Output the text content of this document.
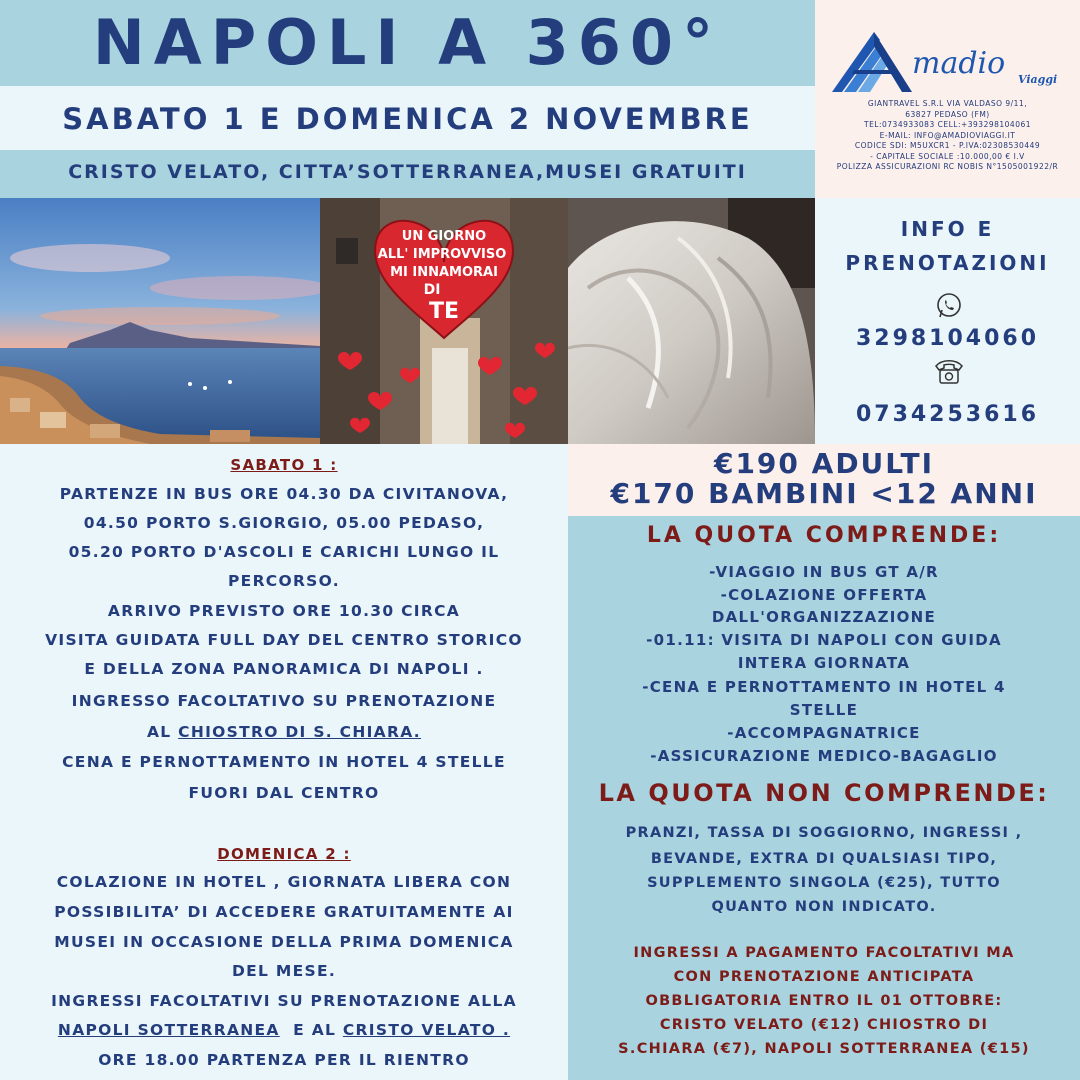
NAPOLI A 360°
SABATO 1 E DOMENICA 2 NOVEMBRE
CRISTO VELATO, CITTA’SOTTERRANEA,MUSEI GRATUITI
madio Viaggi
GIANTRAVEL S.R.L VIA VALDASO 9/11,
63827 PEDASO (FM)
TEL:0734933083 CELL:+393298104061
E-MAIL: INFO@AMADIOVIAGGI.IT
CODICE SDI: M5UXCR1 - P.IVA:02308530449
- CAPITALE SOCIALE :10.000,00 € I.V
POLIZZA ASSICURAZIONI RC NOBIS N°1505001922/R
UN GIORNO
ALL' IMPROVVISO
MI INNAMORAI
DI
TE
INFO E
PRENOTAZIONI
3298104060
0734253616
SABATO 1 :
PARTENZE IN BUS ORE 04.30 DA CIVITANOVA,
04.50 PORTO S.GIORGIO, 05.00 PEDASO,
05.20 PORTO D'ASCOLI E CARICHI LUNGO IL
PERCORSO.
ARRIVO PREVISTO ORE 10.30 CIRCA
VISITA GUIDATA FULL DAY DEL CENTRO STORICO
E DELLA ZONA PANORAMICA DI NAPOLI .
INGRESSO FACOLTATIVO SU PRENOTAZIONE
AL CHIOSTRO DI S. CHIARA.
CENA E PERNOTTAMENTO IN HOTEL 4 STELLE
FUORI DAL CENTRO
DOMENICA 2 :
COLAZIONE IN HOTEL , GIORNATA LIBERA CON
POSSIBILITA’ DI ACCEDERE GRATUITAMENTE AI
MUSEI IN OCCASIONE DELLA PRIMA DOMENICA
DEL MESE.
INGRESSI FACOLTATIVI SU PRENOTAZIONE ALLA
NAPOLI SOTTERRANEA  E AL CRISTO VELATO .
ORE 18.00 PARTENZA PER IL RIENTRO
€190 ADULTI
€170 BAMBINI <12 ANNI
LA QUOTA COMPRENDE:
-VIAGGIO IN BUS GT A/R
-COLAZIONE OFFERTA
DALL'ORGANIZZAZIONE
-01.11: VISITA DI NAPOLI CON GUIDA
INTERA GIORNATA
-CENA E PERNOTTAMENTO IN HOTEL 4
STELLE
-ACCOMPAGNATRICE
-ASSICURAZIONE MEDICO-BAGAGLIO
LA QUOTA NON COMPRENDE:
PRANZI, TASSA DI SOGGIORNO, INGRESSI ,
BEVANDE, EXTRA DI QUALSIASI TIPO,
SUPPLEMENTO SINGOLA (€25), TUTTO
QUANTO NON INDICATO.
INGRESSI A PAGAMENTO FACOLTATIVI MA
CON PRENOTAZIONE ANTICIPATA
OBBLIGATORIA ENTRO IL 01 OTTOBRE:
CRISTO VELATO (€12) CHIOSTRO DI
S.CHIARA (€7), NAPOLI SOTTERRANEA (€15)
